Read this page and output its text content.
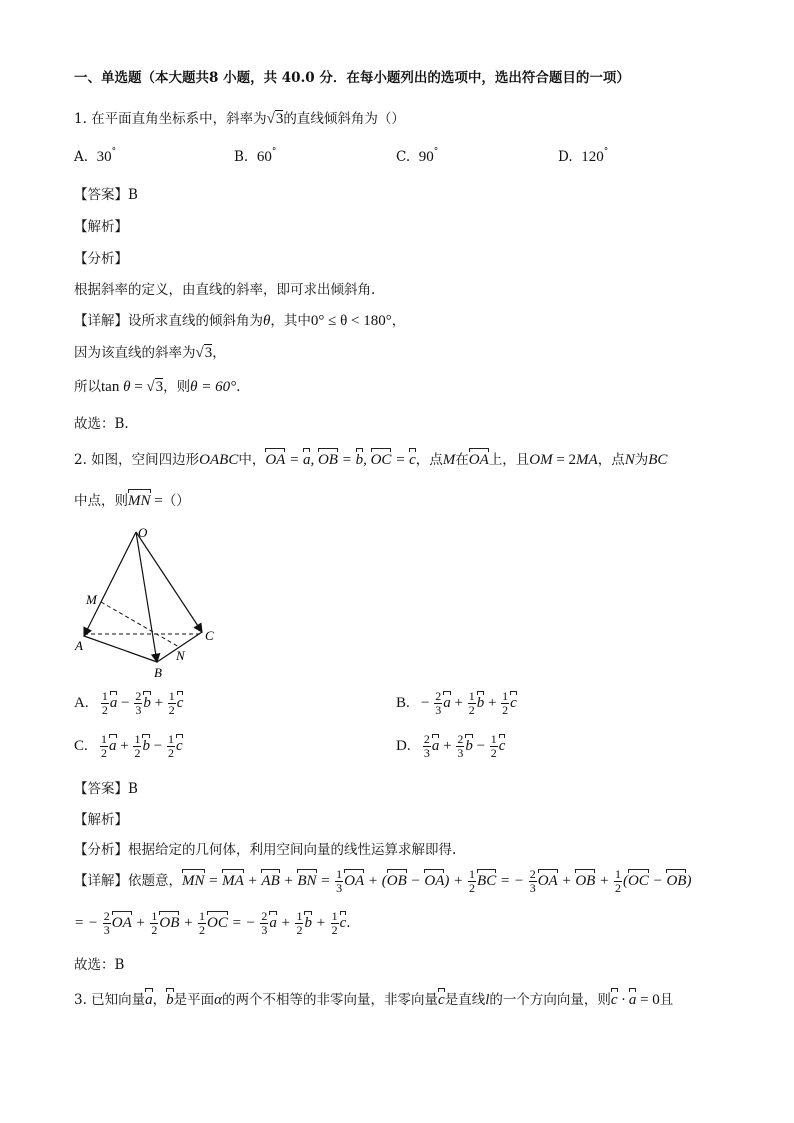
一、单选题（本大题共8 小题，共 40.0 分．在每小题列出的选项中，选出符合题目的一项）
1. 在平面直角坐标系中，斜率为√3的直线倾斜角为（）
A. 30°	B. 60°	C. 90°	D. 120°
【答案】B
【解析】
【分析】
根据斜率的定义，由直线的斜率，即可求出倾斜角.
【详解】设所求直线的倾斜角为θ，其中0° ≤ θ < 180°，
因为该直线的斜率为√3，
所以tan θ = √3，则θ = 60°.
故选：B.
2. 如图，空间四边形OABC中，OA = a, OB = b, OC = c，点M在OA上，且OM = 2MA，点N为BC
中点，则MN =（）
O
M
A
B
C
N
A. $\frac{1}{2}$ $a - \frac{2}{3}$ $b + \frac{1}{2}$ c	B.   − $\frac{2}{3}$ $a + \frac{1}{2}$ $b + \frac{1}{2}$ c
C. $\frac{1}{2}$ $a + \frac{1}{2}$ $b - \frac{1}{2}$ c	D. $\frac{2}{3}$ $a + \frac{2}{3}$ $b - \frac{1}{2}$ c
【答案】B
【解析】
【分析】根据给定的几何体，利用空间向量的线性运算求解即得.
【详解】依题意，MN = MA + AB + BN = $\frac{1}{3}$ OA + $(OB - OA) + \frac{1}{2}$ BC = − $\frac{2}{3}$ OA + OB + $\frac{1}{2} (OC - OB)$
= − $\frac{2}{3}$ OA + $\frac{1}{2}$ OB + $\frac{1}{2}$ OC = − $\frac{2}{3}$ $a + \frac{1}{2}$ $b + \frac{1}{2} c$.
故选：B
3. 已知向量a，b是平面α的两个不相等的非零向量，非零向量c是直线l的一个方向向量，则c · a = 0且
